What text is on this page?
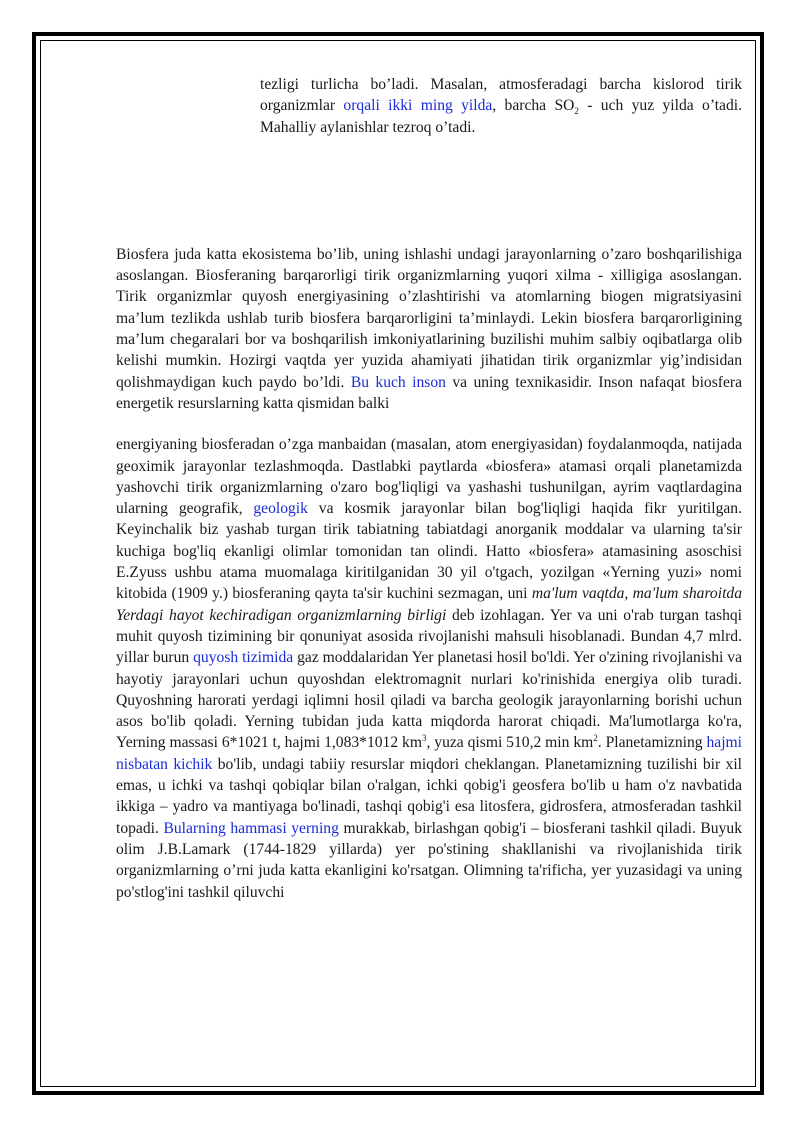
tezligi turlicha bo’ladi. Masalan, atmosferadagi barcha kislorod tirik organizmlar orqali ikki ming yilda, barcha $SO_2$ - uch yuz yilda o’tadi. Mahalliy aylanishlar tezroq o’tadi.

Biosfera juda katta ekosistema bo’lib, uning ishlashi undagi jarayonlarning o’zaro boshqarilishiga asoslangan. Biosferaning barqarorligi tirik organizmlarning yuqori xilma - xilligiga asoslangan. Tirik organizmlar quyosh energiyasining o’zlashtirishi va atomlarning biogen migratsiyasini ma’lum tezlikda ushlab turib biosfera barqarorligini ta’minlaydi. Lekin biosfera barqarorligining ma’lum chegaralari bor va boshqarilish imkoniyatlarining buzilishi muhim salbiy oqibatlarga olib kelishi mumkin. Hozirgi vaqtda yer yuzida ahamiyati jihatidan tirik organizmlar yig’indisidan qolishmaydigan kuch paydo bo’ldi. Bu kuch inson va uning texnikasidir. Inson nafaqat biosfera energetik resurslarning katta qismidan balki

energiyaning biosferadan o’zga manbaidan (masalan, atom energiyasidan) foydalanmoqda, natijada geoximik jarayonlar tezlashmoqda. Dastlabki paytlarda «biosfera» atamasi orqali planetamizda yashovchi tirik organizmlarning o'zaro bog'liqligi va yashashi tushunilgan, ayrim vaqtlardagina ularning geografik, geologik va kosmik jarayonlar bilan bog'liqligi haqida fikr yuritilgan. Keyinchalik biz yashab turgan tirik tabiatning tabiatdagi anorganik moddalar va ularning ta'sir kuchiga bog'liq ekanligi olimlar tomonidan tan olindi. Hatto «biosfera» atamasining asoschisi E.Zyuss ushbu atama muomalaga kiritilganidan 30 yil o'tgach, yozilgan «Yerning yuzi» nomi kitobida (1909 y.) biosferaning qayta ta'sir kuchini sezmagan, uni ma'lum vaqtda, ma'lum sharoitda Yerdagi hayot kechiradigan organizmlarning birligi deb izohlagan. Yer va uni o'rab turgan tashqi muhit quyosh tizimining bir qonuniyat asosida rivojlanishi mahsuli hisoblanadi. Bundan 4,7 mlrd. yillar burun quyosh tizimida gaz moddalaridan Yer planetasi hosil bo'ldi. Yer o'zining rivojlanishi va hayotiy jarayonlari uchun quyoshdan elektromagnit nurlari ko'rinishida energiya olib turadi. Quyoshning harorati yerdagi iqlimni hosil qiladi va barcha geologik jarayonlarning borishi uchun asos bo'lib qoladi. Yerning tubidan juda katta miqdorda harorat chiqadi. Ma'lumotlarga ko'ra, Yerning massasi 6*1021 t, hajmi 1,083*1012 $km^3$, yuza qismi 510,2 $\min km^2$. Planetamizning hajmi nisbatan kichik bo'lib, undagi tabiiy resurslar miqdori cheklangan. Planetamizning tuzilishi bir xil emas, u ichki va tashqi qobiqlar bilan o'ralgan, ichki qobig'i geosfera bo'lib u ham o'z navbatida ikkiga – yadro va mantiyaga bo'linadi, tashqi qobig'i esa litosfera, gidrosfera, atmosferadan tashkil topadi. Bularning hammasi yerning murakkab, birlashgan qobig'i – biosferani tashkil qiladi. Buyuk olim J.B.Lamark (1744-1829 yillarda) yer po'stining shakllanishi va rivojlanishida tirik organizmlarning o’rni juda katta ekanligini ko'rsatgan. Olimning ta'rificha, yer yuzasidagi va uning po'stlog'ini tashkil qiluvchi
